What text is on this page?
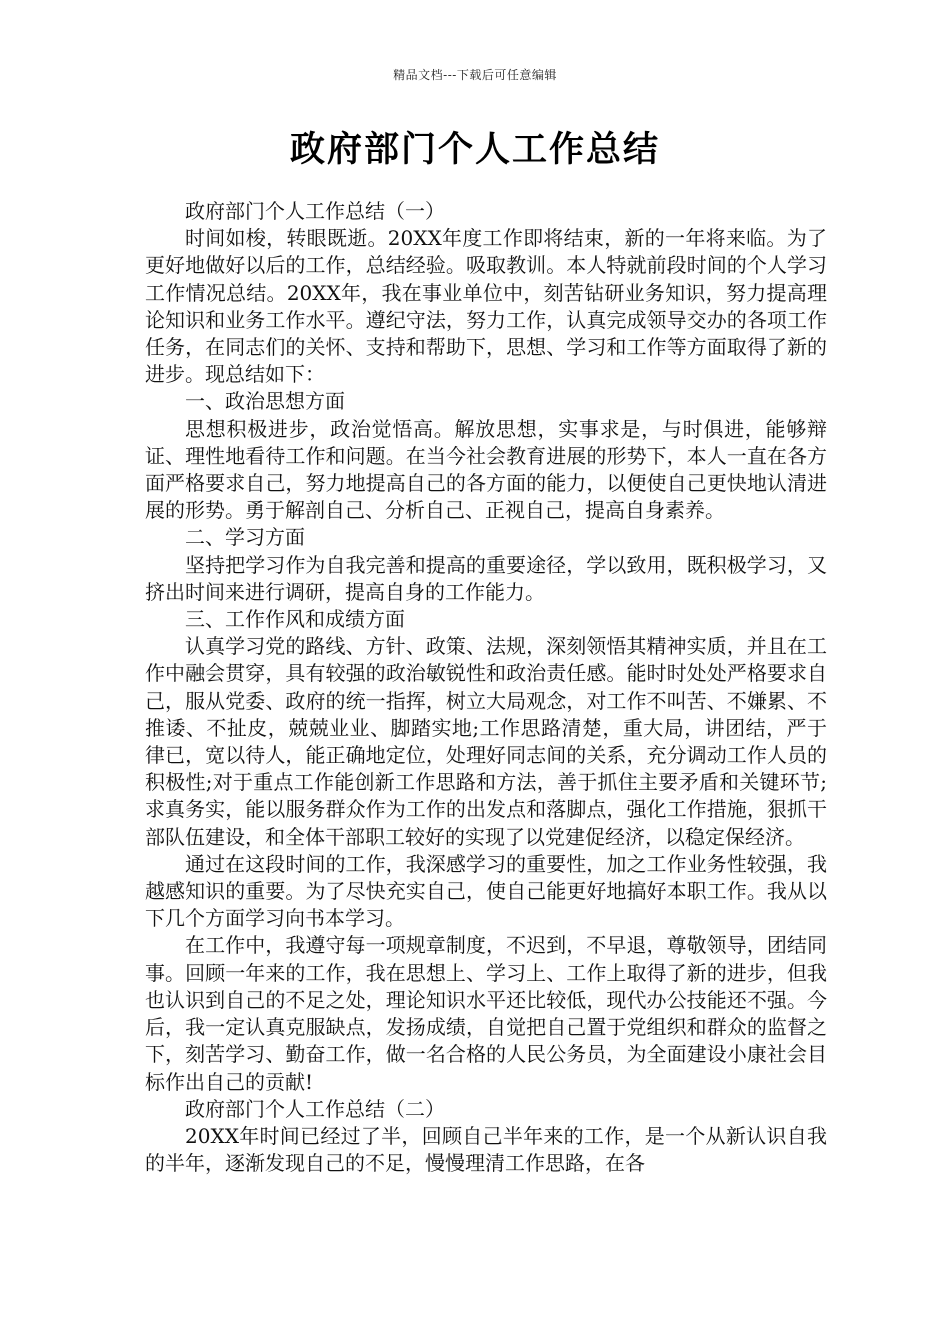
精品文档---下载后可任意编辑
政府部门个人工作总结

政府部门个人工作总结（一）

时间如梭，转眼既逝。20XX年度工作即将结束，新的一年将来临。为了更好地做好以后的工作，总结经验。吸取教训。本人特就前段时间的个人学习工作情况总结。20XX年，我在事业单位中，刻苦钻研业务知识，努力提高理论知识和业务工作水平。遵纪守法，努力工作，认真完成领导交办的各项工作任务，在同志们的关怀、支持和帮助下，思想、学习和工作等方面取得了新的进步。现总结如下：

一、政治思想方面

思想积极进步，政治觉悟高。解放思想，实事求是，与时俱进，能够辩证、理性地看待工作和问题。在当今社会教育进展的形势下，本人一直在各方面严格要求自己，努力地提高自己的各方面的能力，以便使自己更快地认清进展的形势。勇于解剖自己、分析自己、正视自己，提高自身素养。

二、学习方面

坚持把学习作为自我完善和提高的重要途径，学以致用，既积极学习，又挤出时间来进行调研，提高自身的工作能力。

三、工作作风和成绩方面

认真学习党的路线、方针、政策、法规，深刻领悟其精神实质，并且在工作中融会贯穿，具有较强的政治敏锐性和政治责任感。能时时处处严格要求自己，服从党委、政府的统一指挥，树立大局观念，对工作不叫苦、不嫌累、不推诿、不扯皮，兢兢业业、脚踏实地;工作思路清楚，重大局，讲团结，严于律已，宽以待人，能正确地定位，处理好同志间的关系，充分调动工作人员的积极性;对于重点工作能创新工作思路和方法，善于抓住主要矛盾和关键环节;求真务实，能以服务群众作为工作的出发点和落脚点，强化工作措施，狠抓干部队伍建设，和全体干部职工较好的实现了以党建促经济，以稳定保经济。

通过在这段时间的工作，我深感学习的重要性，加之工作业务性较强，我越感知识的重要。为了尽快充实自己，使自己能更好地搞好本职工作。我从以下几个方面学习向书本学习。

在工作中，我遵守每一项规章制度，不迟到，不早退，尊敬领导，团结同事。回顾一年来的工作，我在思想上、学习上、工作上取得了新的进步，但我也认识到自己的不足之处，理论知识水平还比较低，现代办公技能还不强。今后，我一定认真克服缺点，发扬成绩，自觉把自己置于党组织和群众的监督之下，刻苦学习、勤奋工作，做一名合格的人民公务员，为全面建设小康社会目标作出自己的贡献!

政府部门个人工作总结（二）

20XX年时间已经过了半，回顾自己半年来的工作，是一个从新认识自我的半年，逐渐发现自己的不足，慢慢理清工作思路，在各
